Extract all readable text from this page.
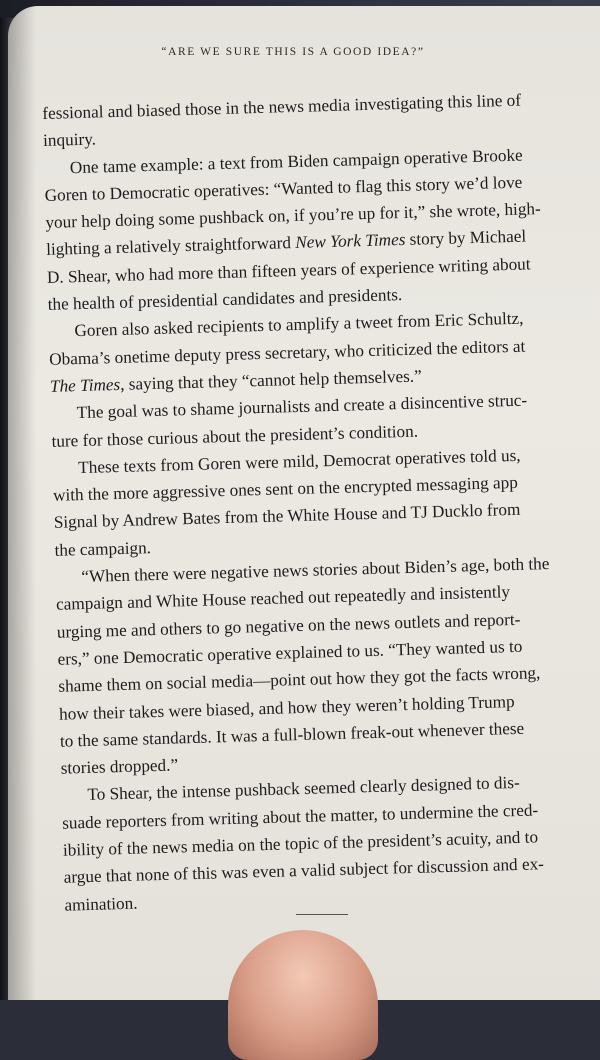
“ARE WE SURE THIS IS A GOOD IDEA?”
fessional and biased those in the news media investigating this line of
inquiry.
One tame example: a text from Biden campaign operative Brooke
Goren to Democratic operatives: “Wanted to flag this story we’d love
your help doing some pushback on, if you’re up for it,” she wrote, high-
lighting a relatively straightforward New York Times story by Michael
D. Shear, who had more than fifteen years of experience writing about
the health of presidential candidates and presidents.
Goren also asked recipients to amplify a tweet from Eric Schultz,
Obama’s onetime deputy press secretary, who criticized the editors at
The Times, saying that they “cannot help themselves.”
The goal was to shame journalists and create a disincentive struc-
ture for those curious about the president’s condition.
These texts from Goren were mild, Democrat operatives told us,
with the more aggressive ones sent on the encrypted messaging app
Signal by Andrew Bates from the White House and TJ Ducklo from
the campaign.
“When there were negative news stories about Biden’s age, both the
campaign and White House reached out repeatedly and insistently
urging me and others to go negative on the news outlets and report-
ers,” one Democratic operative explained to us. “They wanted us to
shame them on social media—point out how they got the facts wrong,
how their takes were biased, and how they weren’t holding Trump
to the same standards. It was a full-blown freak-out whenever these
stories dropped.”
To Shear, the intense pushback seemed clearly designed to dis-
suade reporters from writing about the matter, to undermine the cred-
ibility of the news media on the topic of the president’s acuity, and to
argue that none of this was even a valid subject for discussion and ex-
amination.
